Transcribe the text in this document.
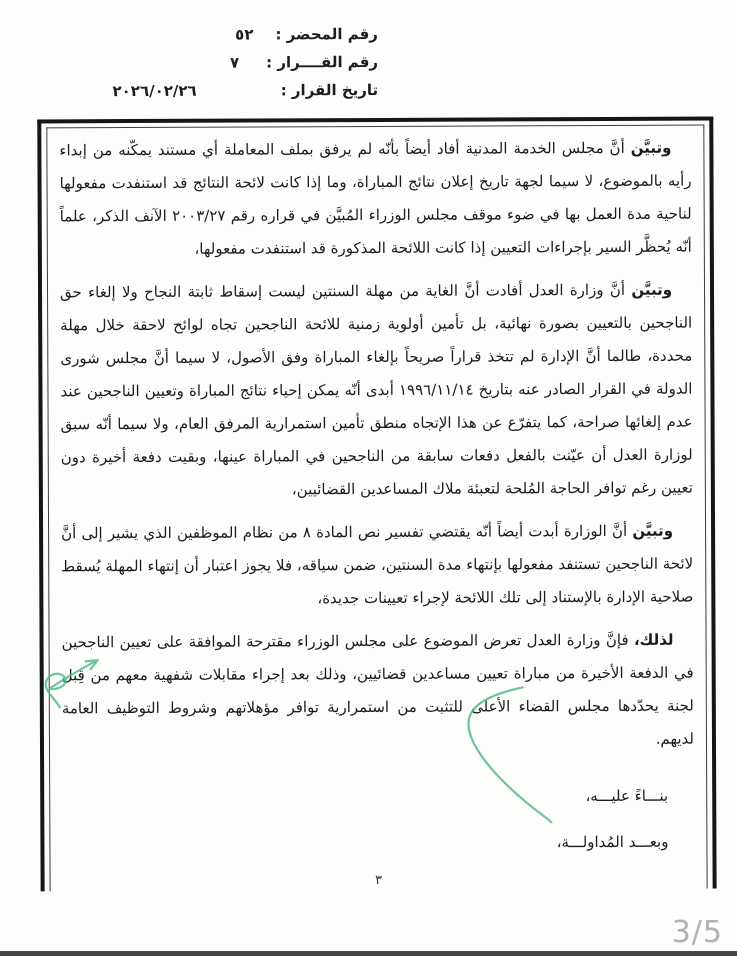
رقم المحضر :
٥٢
رقم القــــرار :
٧
تاريخ القرار :
٢٠٢٦/٠٢/٢٦

وتبيَّن أنَّ مجلس الخدمة المدنية أفاد أيضاً بأنّه لم يرفق بملف المعاملة أي مستند يمكّنه من إبداء رأيه بالموضوع، لا سيما لجهة تاريخ إعلان نتائج المباراة، وما إذا كانت لائحة النتائج قد استنفدت مفعولها لناحية مدة العمل بها في ضوء موقف مجلس الوزراء المُبيَّن في قراره رقم ٢٠٠٣/٢٧ الآنف الذكر، علماً أنّه يُحظَّر السير بإجراءات التعيين إذا كانت اللائحة المذكورة قد استنفدت مفعولها،

وتبيَّن أنَّ وزارة العدل أفادت أنَّ الغاية من مهلة السنتين ليست إسقاط ثابتة النجاح ولا إلغاء حق الناجحين بالتعيين بصورة نهائية، بل تأمين أولوية زمنية للائحة الناجحين تجاه لوائح لاحقة خلال مهلة محددة، طالما أنَّ الإدارة لم تتخذ قراراً صريحاً بإلغاء المباراة وفق الأصول، لا سيما أنَّ مجلس شورى الدولة في القرار الصادر عنه بتاريخ ١٩٩٦/١١/١٤ أبدى أنّه يمكن إحياء نتائج المباراة وتعيين الناجحين عند عدم إلغائها صراحة، كما يتفرّع عن هذا الإتجاه منطق تأمين استمرارية المرفق العام، ولا سيما أنّه سبق لوزارة العدل أن عيّنت بالفعل دفعات سابقة من الناجحين في المباراة عينها، وبقيت دفعة أخيرة دون تعيين رغم توافر الحاجة المُلحة لتعبئة ملاك المساعدين القضائيين،

وتبيَّن أنَّ الوزارة أبدت أيضاً أنّه يقتضي تفسير نص المادة ٨ من نظام الموظفين الذي يشير إلى أنَّ لائحة الناجحين تستنفد مفعولها بإنتهاء مدة السنتين، ضمن سياقه، فلا يجوز اعتبار أن إنتهاء المهلة يُسقط صلاحية الإدارة بالإستناد إلى تلك اللائحة لإجراء تعيينات جديدة،

لذلك، فإنَّ وزارة العدل تعرض الموضوع على مجلس الوزراء مقترحة الموافقة على تعيين الناجحين في الدفعة الأخيرة من مباراة تعيين مساعدين قضائيين، وذلك بعد إجراء مقابلات شفهية معهم من قِبل لجنة يحدّدها مجلس القضاء الأعلى للتثبت من استمرارية توافر مؤهلاتهم وشروط التوظيف العامة لديهم.

بنـــاءً عليـــه،
وبعـــد المُداولـــة،
٣
3/5
